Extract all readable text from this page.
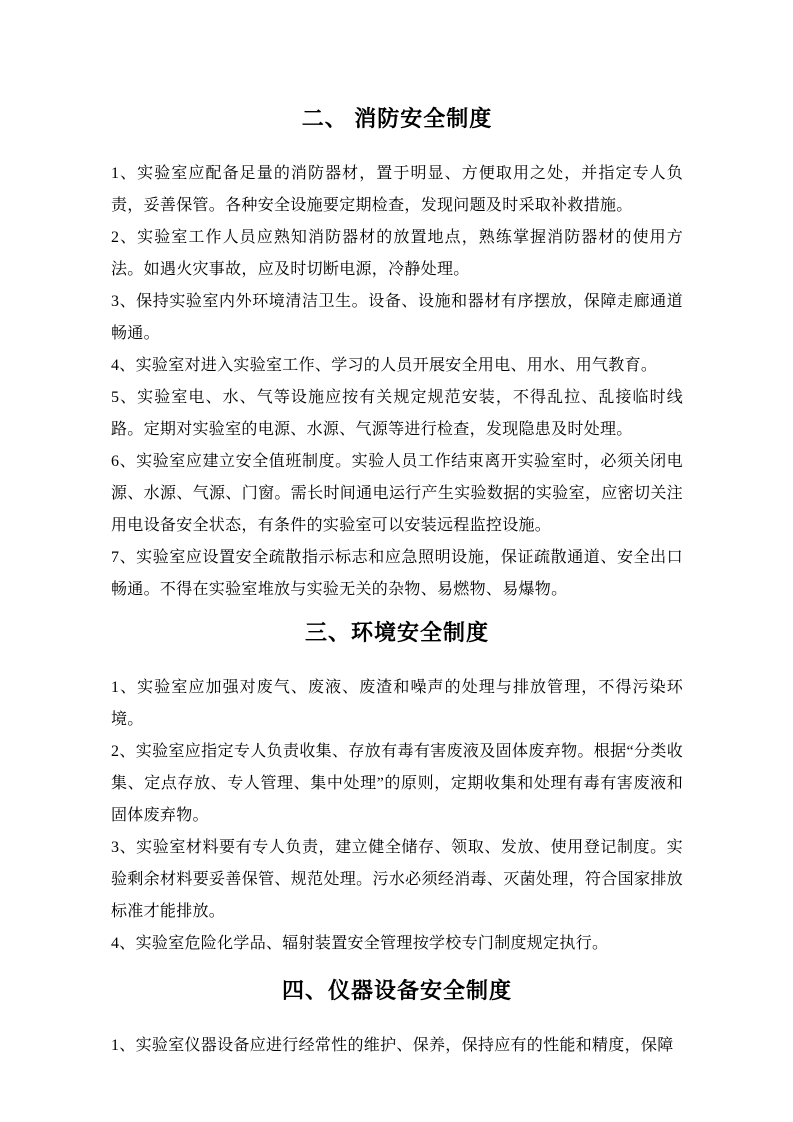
二、 消防安全制度

1、实验室应配备足量的消防器材，置于明显、方便取用之处，并指定专人负责，妥善保管。各种安全设施要定期检查，发现问题及时采取补救措施。

2、实验室工作人员应熟知消防器材的放置地点，熟练掌握消防器材的使用方法。如遇火灾事故，应及时切断电源，冷静处理。

3、保持实验室内外环境清洁卫生。设备、设施和器材有序摆放，保障走廊通道畅通。

4、实验室对进入实验室工作、学习的人员开展安全用电、用水、用气教育。

5、实验室电、水、气等设施应按有关规定规范安装，不得乱拉、乱接临时线路。定期对实验室的电源、水源、气源等进行检查，发现隐患及时处理。

6、实验室应建立安全值班制度。实验人员工作结束离开实验室时，必须关闭电源、水源、气源、门窗。需长时间通电运行产生实验数据的实验室，应密切关注用电设备安全状态，有条件的实验室可以安装远程监控设施。

7、实验室应设置安全疏散指示标志和应急照明设施，保证疏散通道、安全出口畅通。不得在实验室堆放与实验无关的杂物、易燃物、易爆物。

三、环境安全制度

1、实验室应加强对废气、废液、废渣和噪声的处理与排放管理，不得污染环境。

2、实验室应指定专人负责收集、存放有毒有害废液及固体废弃物。根据“分类收集、定点存放、专人管理、集中处理”的原则，定期收集和处理有毒有害废液和固体废弃物。

3、实验室材料要有专人负责，建立健全储存、领取、发放、使用登记制度。实验剩余材料要妥善保管、规范处理。污水必须经消毒、灭菌处理，符合国家排放标准才能排放。

4、实验室危险化学品、辐射装置安全管理按学校专门制度规定执行。

四、仪器设备安全制度

1、实验室仪器设备应进行经常性的维护、保养，保持应有的性能和精度，保障
